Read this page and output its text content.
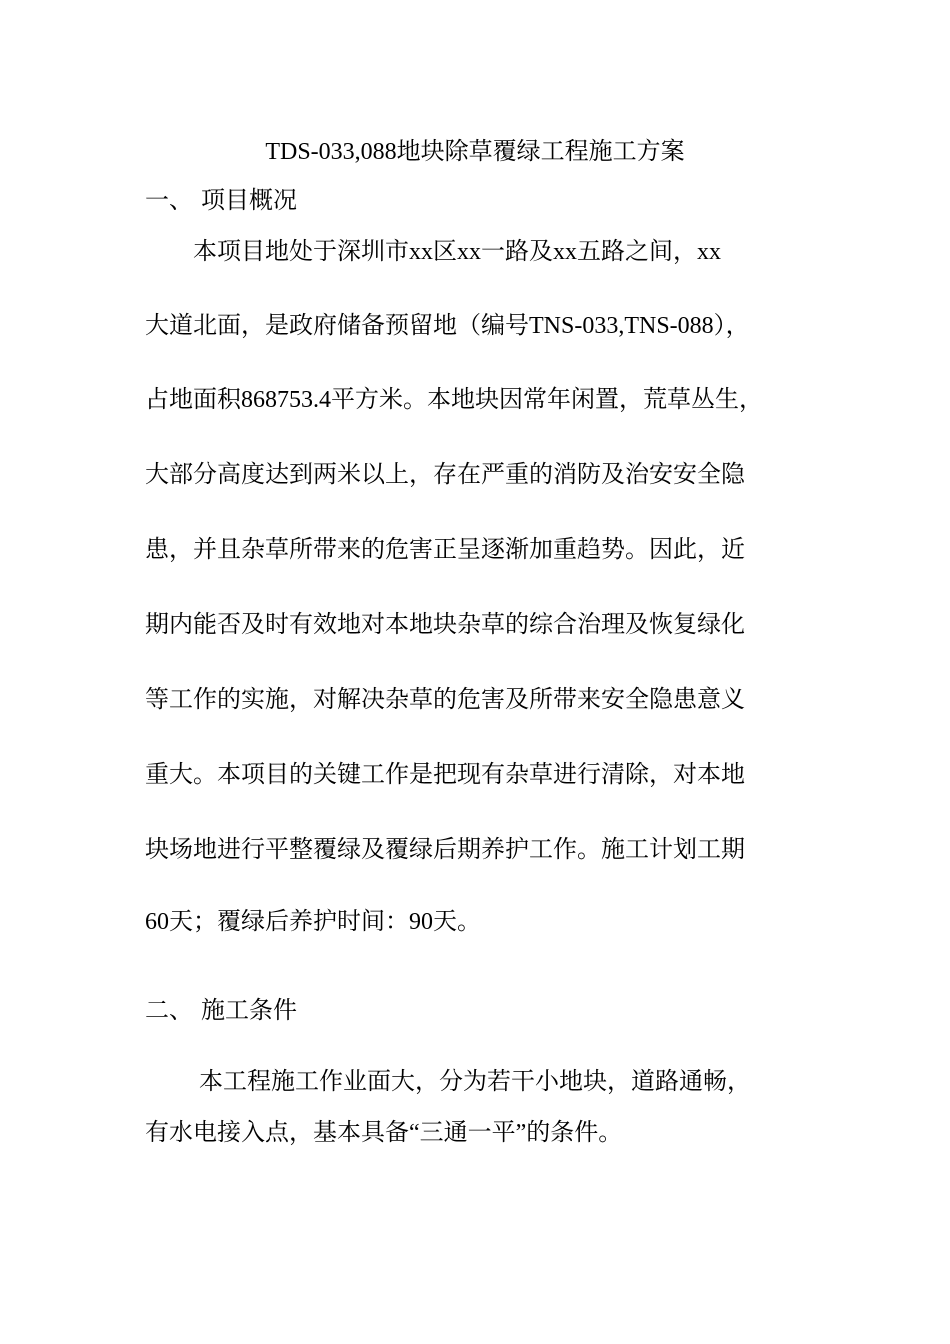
TDS-033,088地块除草覆绿工程施工方案
一、 项目概况
　　本项目地处于深圳市xx区xx一路及xx五路之间，xx
大道北面，是政府储备预留地（编号TNS-033,TNS-088），
占地面积868753.4平方米。本地块因常年闲置，荒草丛生，
大部分高度达到两米以上，存在严重的消防及治安安全隐
患，并且杂草所带来的危害正呈逐渐加重趋势。因此，近
期内能否及时有效地对本地块杂草的综合治理及恢复绿化
等工作的实施，对解决杂草的危害及所带来安全隐患意义
重大。本项目的关键工作是把现有杂草进行清除，对本地
块场地进行平整覆绿及覆绿后期养护工作。施工计划工期
60天；覆绿后养护时间：90天。
二、 施工条件
　　 本工程施工作业面大，分为若干小地块，道路通畅，
有水电接入点，基本具备“三通一平”的条件。
